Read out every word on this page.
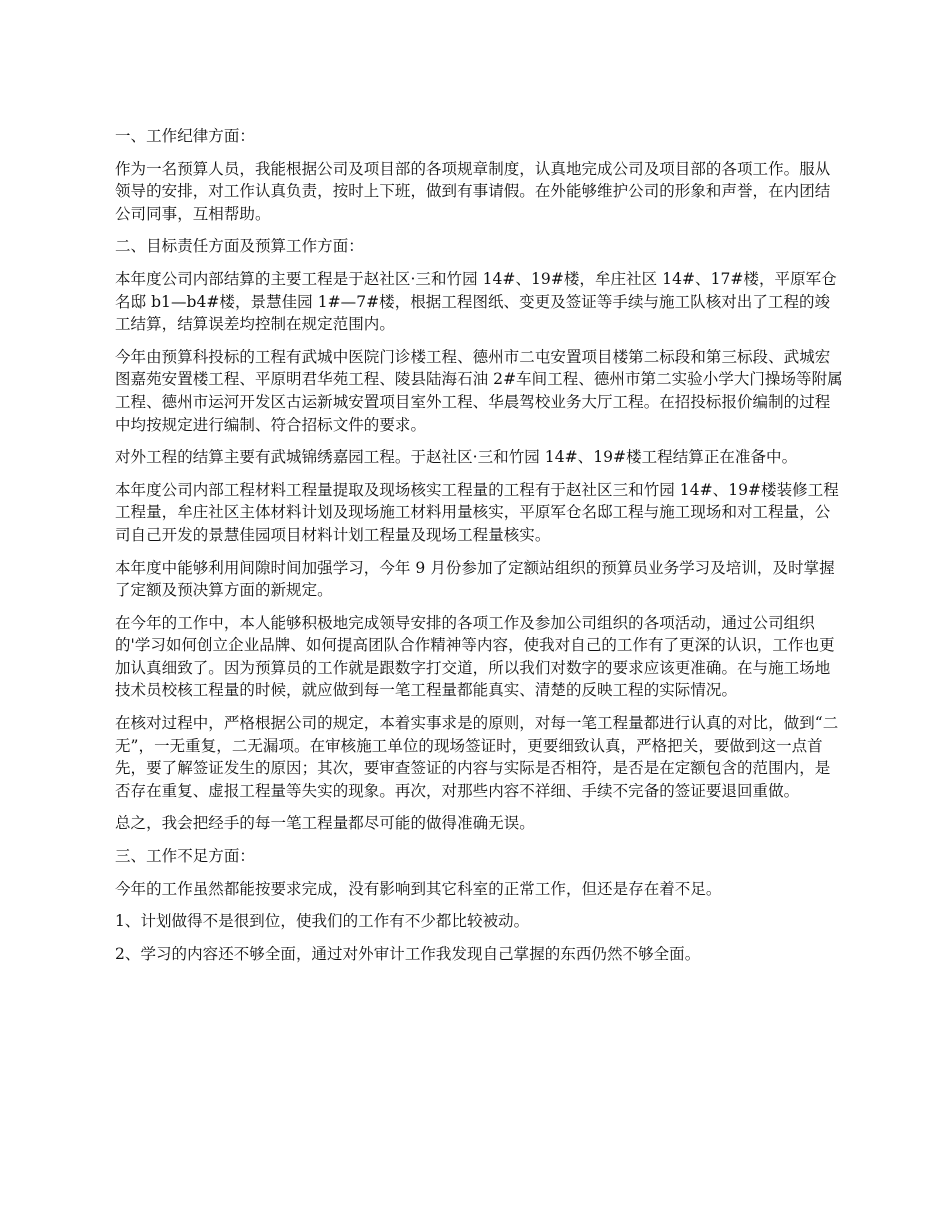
一、工作纪律方面：

作为一名预算人员，我能根据公司及项目部的各项规章制度，认真地完成公司及项目部的各项工作。服从领导的安排，对工作认真负责，按时上下班，做到有事请假。在外能够维护公司的形象和声誉，在内团结公司同事，互相帮助。

二、目标责任方面及预算工作方面：

本年度公司内部结算的主要工程是于赵社区·三和竹园 14#、19#楼，牟庄社区 14#、17#楼，平原军仓名邸 b1—b4#楼，景慧佳园 1#—7#楼，根据工程图纸、变更及签证等手续与施工队核对出了工程的竣工结算，结算误差均控制在规定范围内。

今年由预算科投标的工程有武城中医院门诊楼工程、德州市二屯安置项目楼第二标段和第三标段、武城宏图嘉苑安置楼工程、平原明君华苑工程、陵县陆海石油 2#车间工程、德州市第二实验小学大门操场等附属工程、德州市运河开发区古运新城安置项目室外工程、华晨驾校业务大厅工程。在招投标报价编制的过程中均按规定进行编制、符合招标文件的要求。

对外工程的结算主要有武城锦绣嘉园工程。于赵社区·三和竹园 14#、19#楼工程结算正在准备中。

本年度公司内部工程材料工程量提取及现场核实工程量的工程有于赵社区三和竹园 14#、19#楼装修工程工程量，牟庄社区主体材料计划及现场施工材料用量核实，平原军仓名邸工程与施工现场和对工程量，公司自己开发的景慧佳园项目材料计划工程量及现场工程量核实。

本年度中能够利用间隙时间加强学习，今年 9 月份参加了定额站组织的预算员业务学习及培训，及时掌握了定额及预决算方面的新规定。

在今年的工作中，本人能够积极地完成领导安排的各项工作及参加公司组织的各项活动，通过公司组织的'学习如何创立企业品牌、如何提高团队合作精神等内容，使我对自己的工作有了更深的认识，工作也更加认真细致了。因为预算员的工作就是跟数字打交道，所以我们对数字的要求应该更准确。在与施工场地技术员校核工程量的时候，就应做到每一笔工程量都能真实、清楚的反映工程的实际情况。

在核对过程中，严格根据公司的规定，本着实事求是的原则，对每一笔工程量都进行认真的对比，做到“二无”，一无重复，二无漏项。在审核施工单位的现场签证时，更要细致认真，严格把关，要做到这一点首先，要了解签证发生的原因；其次，要审查签证的内容与实际是否相符，是否是在定额包含的范围内，是否存在重复、虚报工程量等失实的现象。再次，对那些内容不祥细、手续不完备的签证要退回重做。

总之，我会把经手的每一笔工程量都尽可能的做得准确无误。

三、工作不足方面：

今年的工作虽然都能按要求完成，没有影响到其它科室的正常工作，但还是存在着不足。

1、计划做得不是很到位，使我们的工作有不少都比较被动。

2、学习的内容还不够全面，通过对外审计工作我发现自己掌握的东西仍然不够全面。
